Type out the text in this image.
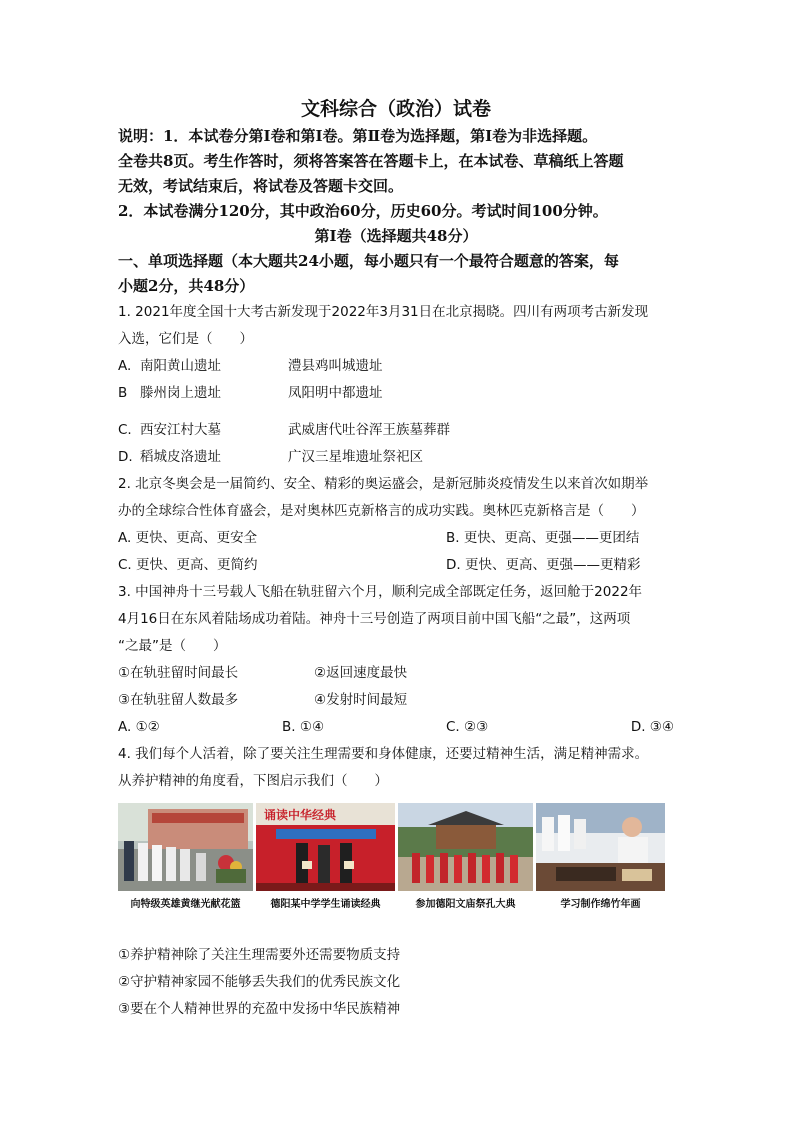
文科综合（政治）试卷

说明：1．本试卷分第Ⅰ卷和第Ⅰ卷。第Ⅱ卷为选择题，第Ⅰ卷为非选择题。

全卷共8页。考生作答时，须将答案答在答题卡上，在本试卷、草稿纸上答题

无效，考试结束后，将试卷及答题卡交回。

2．本试卷满分120分，其中政治60分，历史60分。考试时间100分钟。

第Ⅰ卷（选择题共48分）

一、单项选择题（本大题共24小题，每小题只有一个最符合题意的答案，每

小题2分，共48分）

1. 2021年度全国十大考古新发现于2022年3月31日在北京揭晓。四川有两项考古新发现

入选，它们是（　　）

A. 南阳黄山遗址	澧县鸡叫城遗址
B 滕州岗上遗址	凤阳明中都遗址
C. 西安江村大墓	武威唐代吐谷浑王族墓葬群
D. 稻城皮洛遗址	广汉三星堆遗址祭祀区

2. 北京冬奥会是一届简约、安全、精彩的奥运盛会，是新冠肺炎疫情发生以来首次如期举

办的全球综合性体育盛会，是对奥林匹克新格言的成功实践。奥林匹克新格言是（　　）

A. 更快、更高、更安全	B. 更快、更高、更强——更团结
C. 更快、更高、更简约	D. 更快、更高、更强——更精彩

3. 中国神舟十三号载人飞船在轨驻留六个月，顺利完成全部既定任务，返回舱于2022年

4月16日在东风着陆场成功着陆。神舟十三号创造了两项目前中国飞船“之最”，这两项

“之最”是（　　）

①在轨驻留时间最长	②返回速度最快
③在轨驻留人数最多	④发射时间最短
A. ①②	B. ①④	C. ②③	D. ③④

4. 我们每个人活着，除了要关注生理需要和身体健康，还要过精神生活，满足精神需求。

从养护精神的角度看，下图启示我们（　　）

诵读中华经典
向特级英雄黄继光献花篮	德阳某中学学生诵读经典	参加德阳文庙祭孔大典	学习制作绵竹年画

①养护精神除了关注生理需要外还需要物质支持

②守护精神家园不能够丢失我们的优秀民族文化

③要在个人精神世界的充盈中发扬中华民族精神
